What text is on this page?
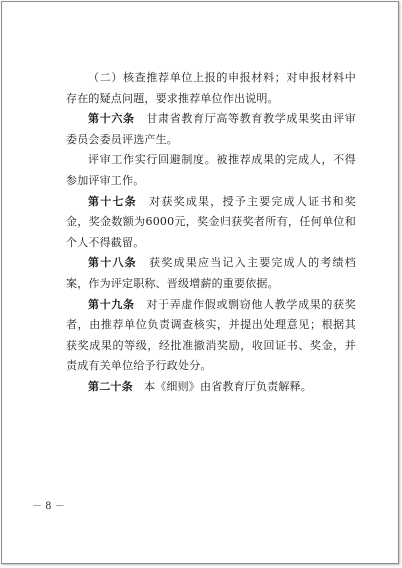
（二）核查推荐单位上报的申报材料；对申报材料中存在的疑点问题，要求推荐单位作出说明。

第十六条　甘肃省教育厅高等教育教学成果奖由评审委员会委员评选产生。

评审工作实行回避制度。被推荐成果的完成人，不得参加评审工作。

第十七条　对获奖成果，授予主要完成人证书和奖金，奖金数额为6000元，奖金归获奖者所有，任何单位和个人不得截留。

第十八条　获奖成果应当记入主要完成人的考绩档案，作为评定职称、晋级增薪的重要依据。

第十九条　对于弄虚作假或剽窃他人教学成果的获奖者，由推荐单位负责调查核实，并提出处理意见；根据其获奖成果的等级，经批准撤消奖励，收回证书、奖金，并责成有关单位给予行政处分。

第二十条　本《细则》由省教育厅负责解释。

－ 8 －
